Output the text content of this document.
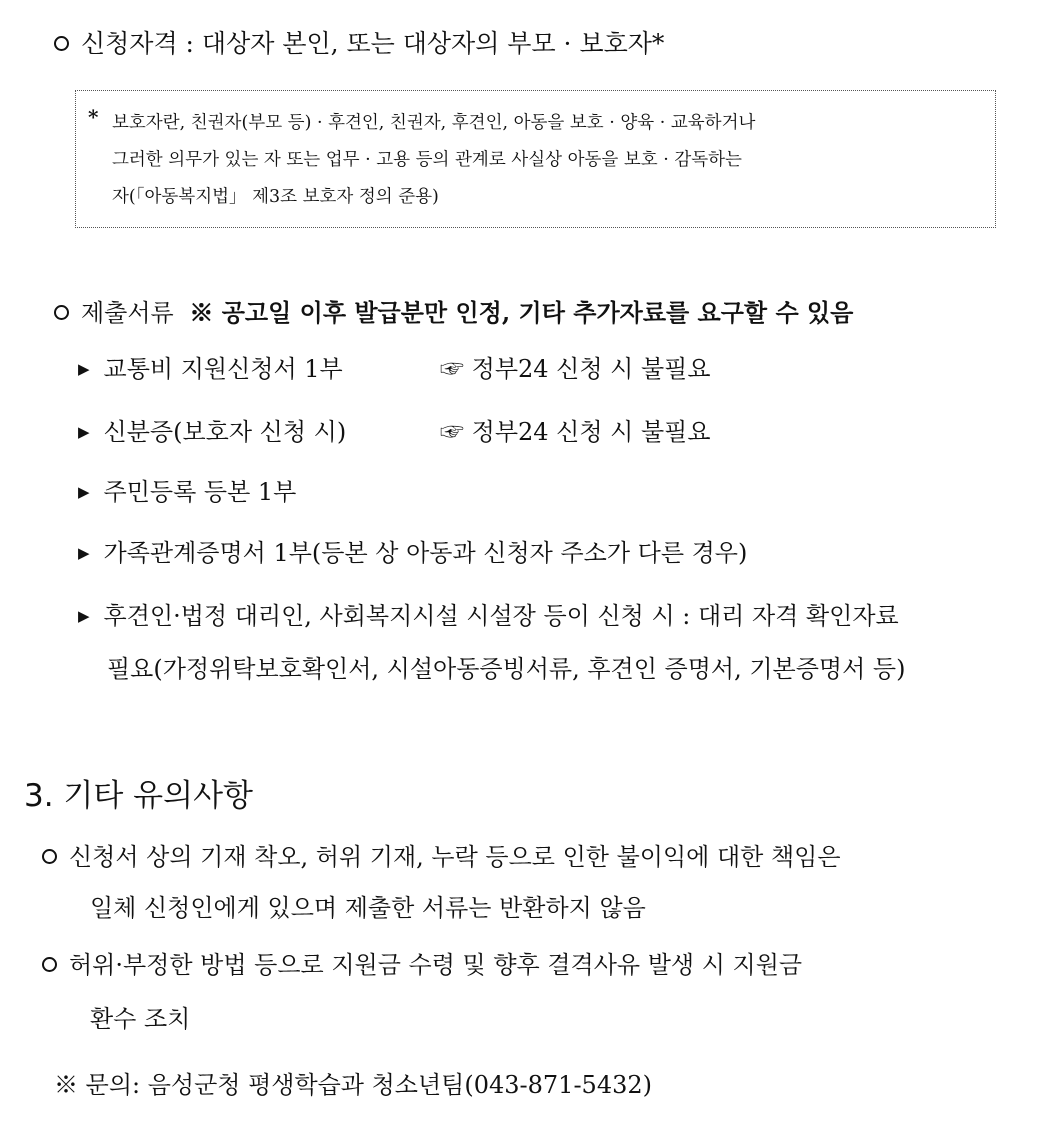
신청자격 : 대상자 본인, 또는 대상자의 부모 · 보호자*
* 보호자란, 친권자(부모 등) · 후견인, 친권자, 후견인, 아동을 보호 · 양육 · 교육하거나
그러한 의무가 있는 자 또는 업무 · 고용 등의 관계로 사실상 아동을 보호 · 감독하는
자(「아동복지법」 제3조 보호자 정의 준용)
제출서류 ※ 공고일 이후 발급분만 인정, 기타 추가자료를 요구할 수 있음
▶ 교통비 지원신청서 1부	☞ 정부24 신청 시 불필요
▶ 신분증(보호자 신청 시)	☞ 정부24 신청 시 불필요
▶ 주민등록 등본 1부
▶ 가족관계증명서 1부(등본 상 아동과 신청자 주소가 다른 경우)
▶ 후견인·법정 대리인, 사회복지시설 시설장 등이 신청 시 : 대리 자격 확인자료
필요(가정위탁보호확인서, 시설아동증빙서류, 후견인 증명서, 기본증명서 등)
3. 기타 유의사항
신청서 상의 기재 착오, 허위 기재, 누락 등으로 인한 불이익에 대한 책임은
일체 신청인에게 있으며 제출한 서류는 반환하지 않음
허위·부정한 방법 등으로 지원금 수령 및 향후 결격사유 발생 시 지원금
환수 조치
※ 문의: 음성군청 평생학습과 청소년팀(043-871-5432)
